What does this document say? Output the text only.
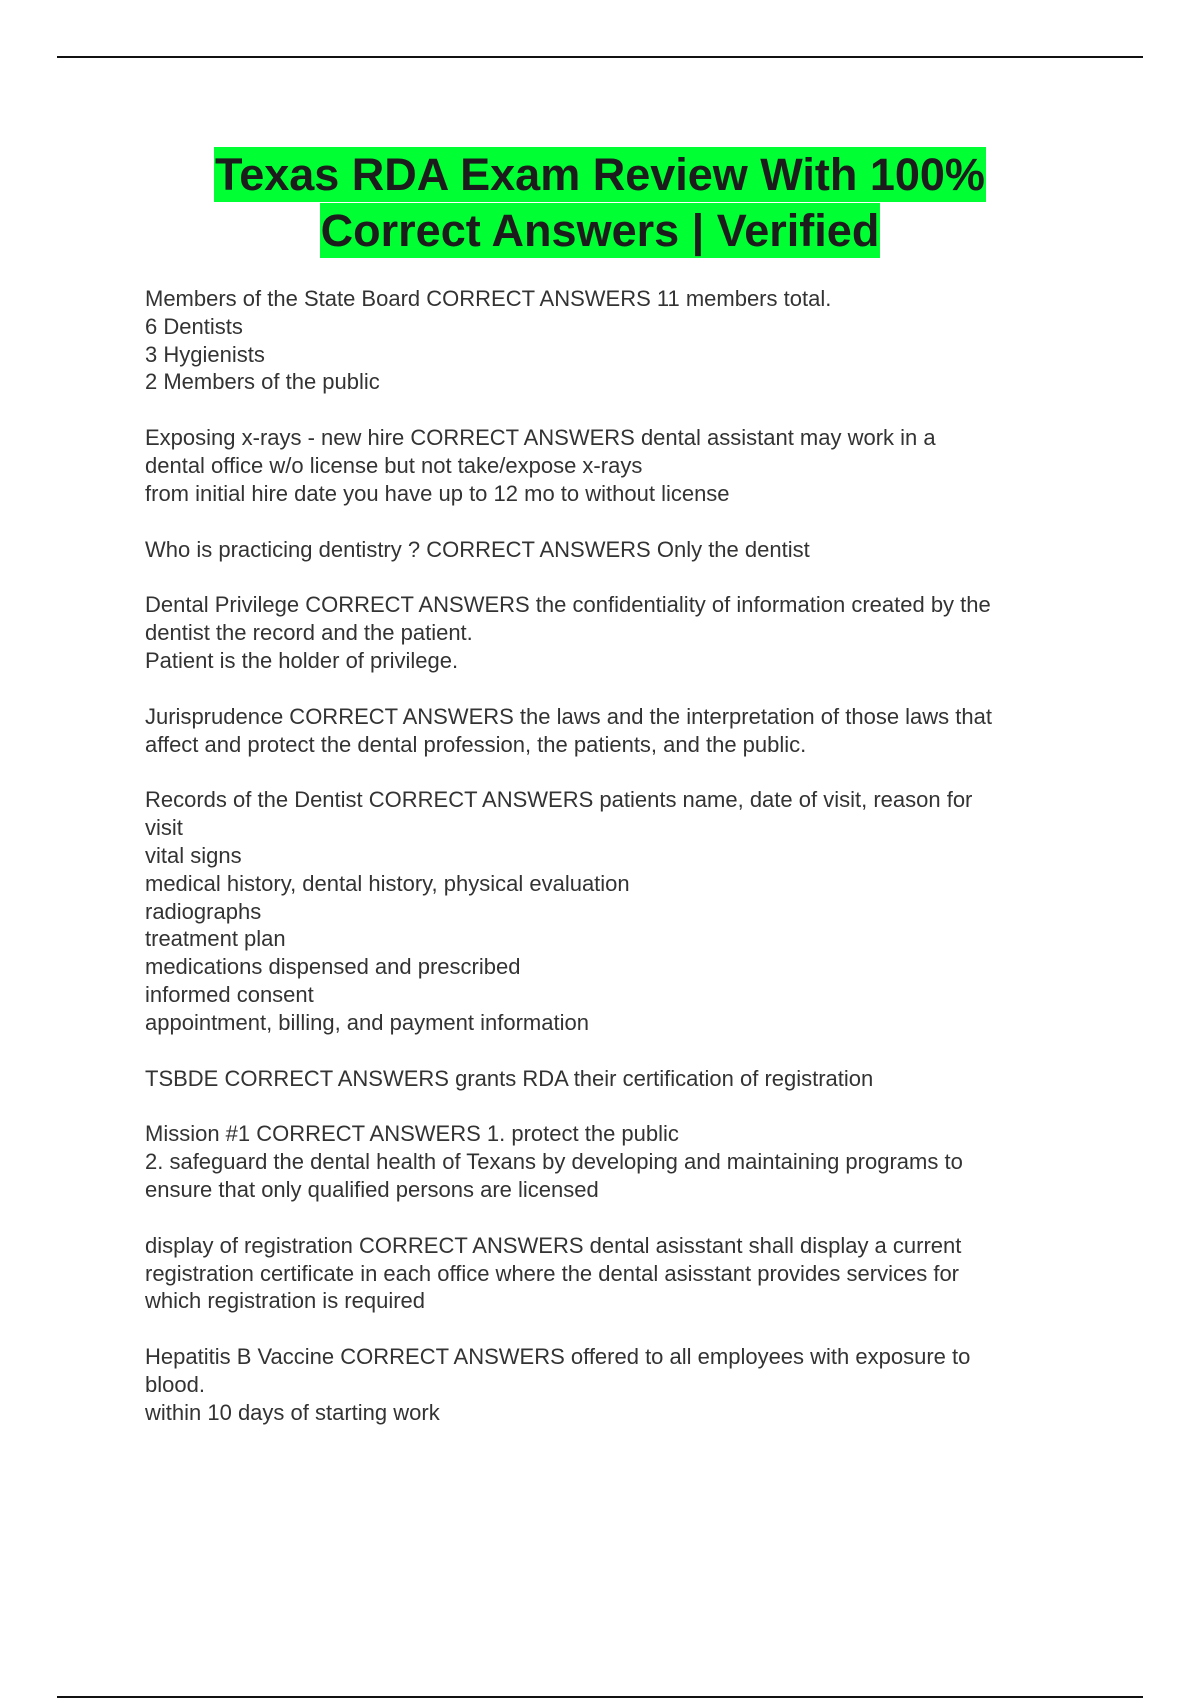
Texas RDA Exam Review With 100%
Correct Answers | Verified
Members of the State Board CORRECT ANSWERS 11 members total.
6 Dentists
3 Hygienists
2 Members of the public
Exposing x-rays - new hire CORRECT ANSWERS dental assistant may work in a
dental office w/o license but not take/expose x-rays
from initial hire date you have up to 12 mo to without license
Who is practicing dentistry ? CORRECT ANSWERS Only the dentist
Dental Privilege CORRECT ANSWERS the confidentiality of information created by the
dentist the record and the patient.
Patient is the holder of privilege.
Jurisprudence CORRECT ANSWERS the laws and the interpretation of those laws that
affect and protect the dental profession, the patients, and the public.
Records of the Dentist CORRECT ANSWERS patients name, date of visit, reason for
visit
vital signs
medical history, dental history, physical evaluation
radiographs
treatment plan
medications dispensed and prescribed
informed consent
appointment, billing, and payment information
TSBDE CORRECT ANSWERS grants RDA their certification of registration
Mission #1 CORRECT ANSWERS 1. protect the public
2. safeguard the dental health of Texans by developing and maintaining programs to
ensure that only qualified persons are licensed
display of registration CORRECT ANSWERS dental asisstant shall display a current
registration certificate in each office where the dental asisstant provides services for
which registration is required
Hepatitis B Vaccine CORRECT ANSWERS offered to all employees with exposure to
blood.
within 10 days of starting work
